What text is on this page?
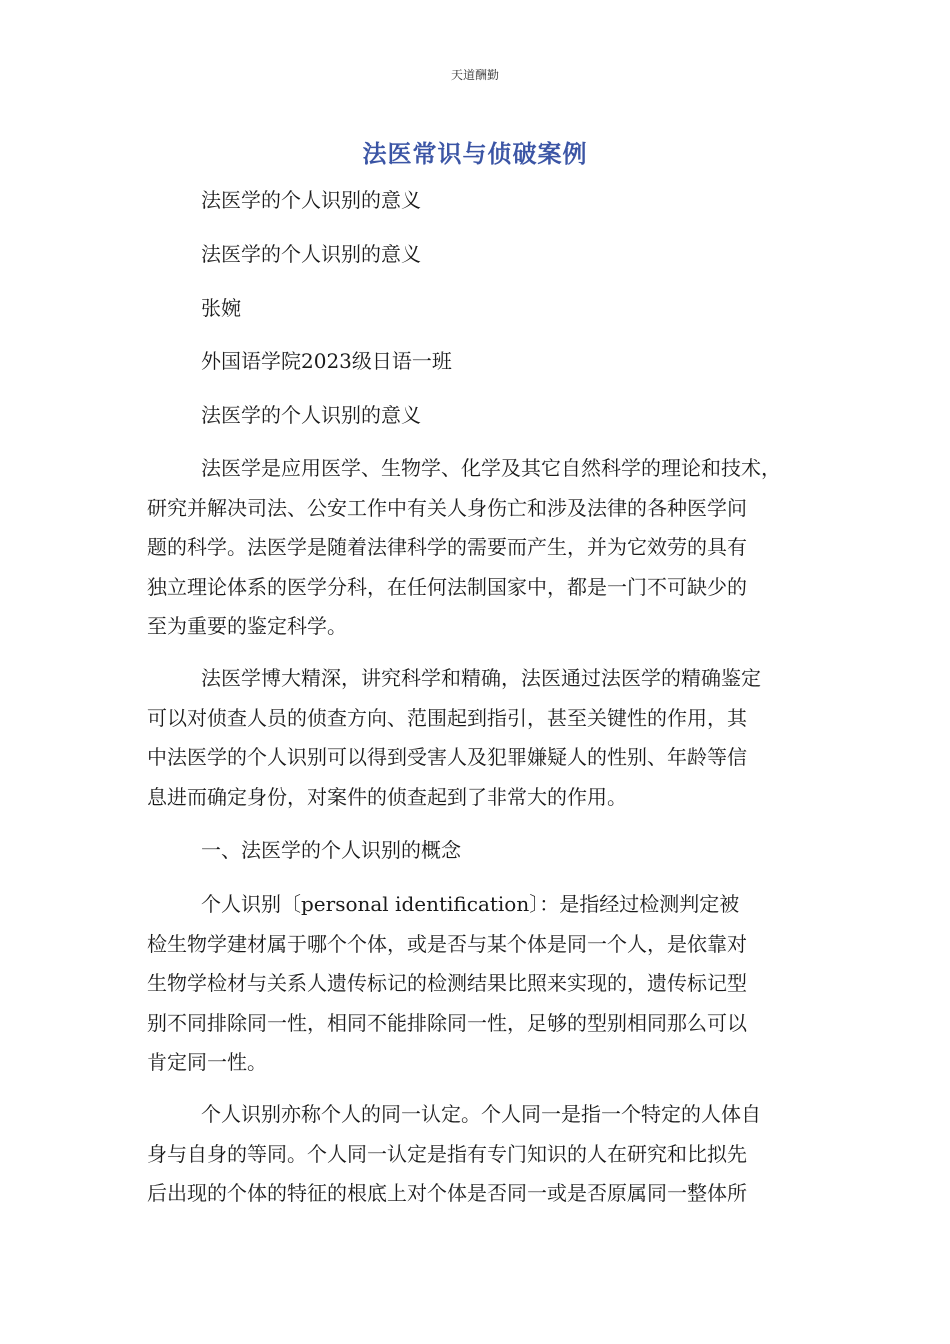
天道酬勤
法医常识与侦破案例
法医学的个人识别的意义
法医学的个人识别的意义
张婉
外国语学院2023级日语一班
法医学的个人识别的意义
法医学是应用医学、生物学、化学及其它自然科学的理论和技术，
研究并解决司法、公安工作中有关人身伤亡和涉及法律的各种医学问
题的科学。法医学是随着法律科学的需要而产生，并为它效劳的具有
独立理论体系的医学分科，在任何法制国家中，都是一门不可缺少的
至为重要的鉴定科学。
法医学博大精深，讲究科学和精确，法医通过法医学的精确鉴定
可以对侦查人员的侦查方向、范围起到指引，甚至关键性的作用，其
中法医学的个人识别可以得到受害人及犯罪嫌疑人的性别、年龄等信
息进而确定身份，对案件的侦查起到了非常大的作用。
一、法医学的个人识别的概念
个人识别〔personal identification〕：是指经过检测判定被
检生物学建材属于哪个个体，或是否与某个体是同一个人，是依靠对
生物学检材与关系人遗传标记的检测结果比照来实现的，遗传标记型
别不同排除同一性，相同不能排除同一性，足够的型别相同那么可以
肯定同一性。
个人识别亦称个人的同一认定。个人同一是指一个特定的人体自
身与自身的等同。个人同一认定是指有专门知识的人在研究和比拟先
后出现的个体的特征的根底上对个体是否同一或是否原属同一整体所
